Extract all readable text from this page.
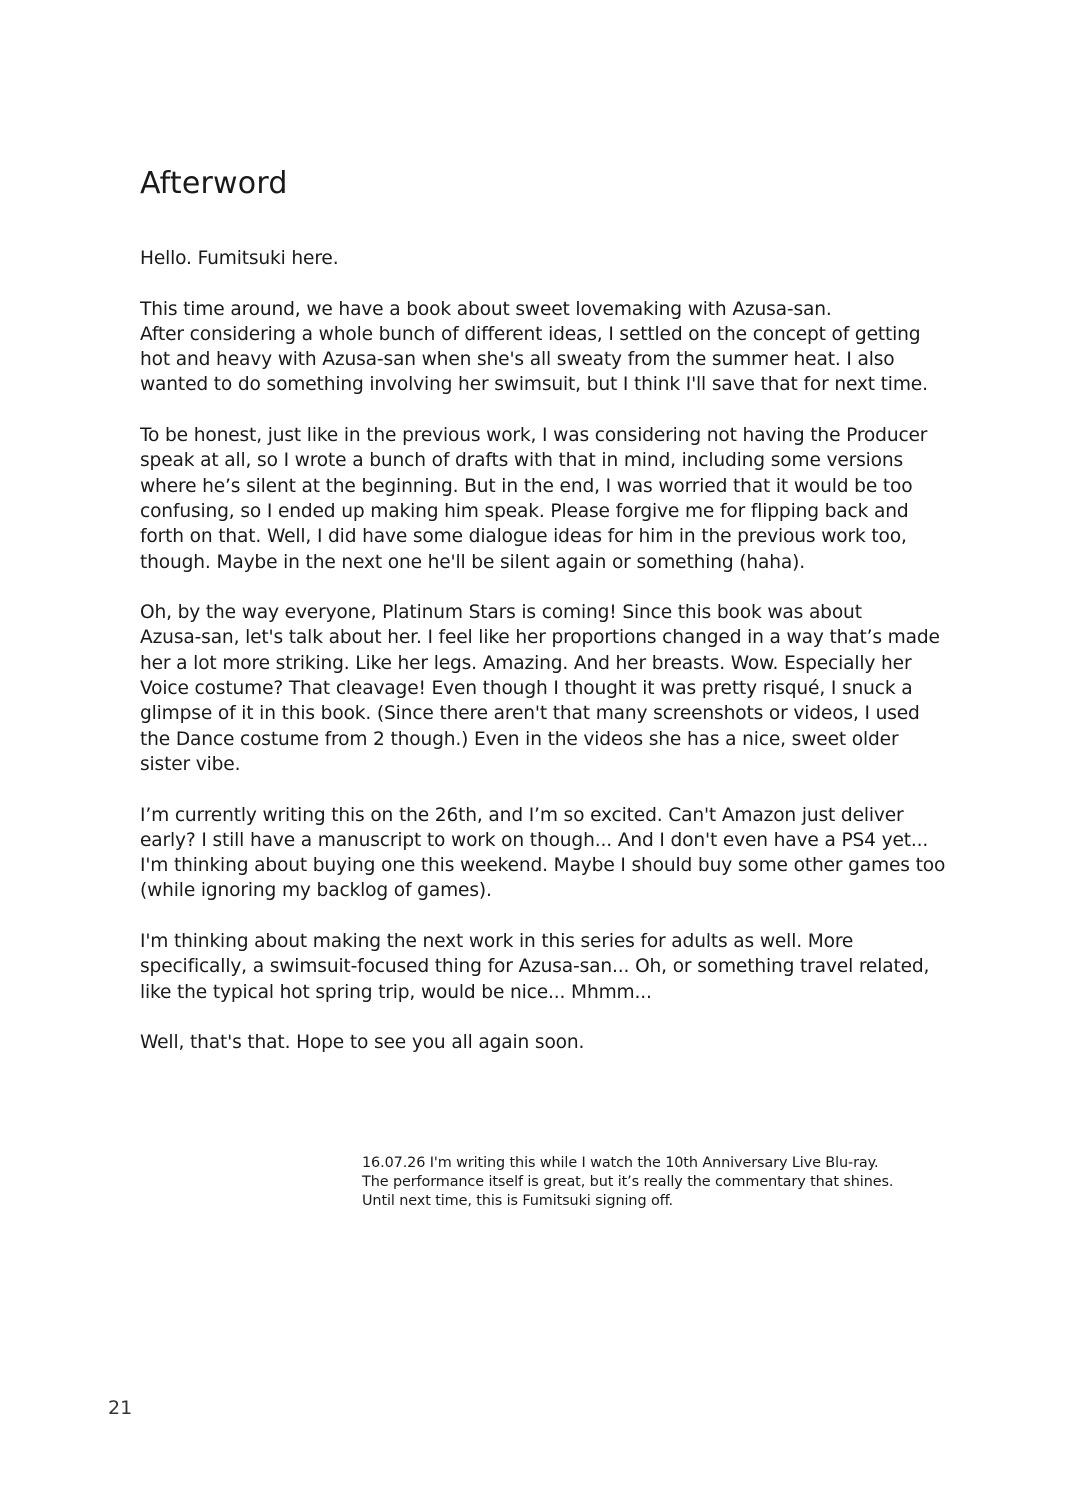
Afterword

Hello. Fumitsuki here.

This time around, we have a book about sweet lovemaking with Azusa-san.
After considering a whole bunch of different ideas, I settled on the concept of getting
hot and heavy with Azusa-san when she's all sweaty from the summer heat. I also
wanted to do something involving her swimsuit, but I think I'll save that for next time.

To be honest, just like in the previous work, I was considering not having the Producer
speak at all, so I wrote a bunch of drafts with that in mind, including some versions
where he’s silent at the beginning. But in the end, I was worried that it would be too
confusing, so I ended up making him speak. Please forgive me for flipping back and
forth on that. Well, I did have some dialogue ideas for him in the previous work too,
though. Maybe in the next one he'll be silent again or something (haha).

Oh, by the way everyone, Platinum Stars is coming! Since this book was about
Azusa-san, let's talk about her. I feel like her proportions changed in a way that’s made
her a lot more striking. Like her legs. Amazing. And her breasts. Wow. Especially her
Voice costume? That cleavage! Even though I thought it was pretty risqué, I snuck a
glimpse of it in this book. (Since there aren't that many screenshots or videos, I used
the Dance costume from 2 though.) Even in the videos she has a nice, sweet older
sister vibe.

I’m currently writing this on the 26th, and I’m so excited. Can't Amazon just deliver
early? I still have a manuscript to work on though... And I don't even have a PS4 yet...
I'm thinking about buying one this weekend. Maybe I should buy some other games too
(while ignoring my backlog of games).

I'm thinking about making the next work in this series for adults as well. More
specifically, a swimsuit-focused thing for Azusa-san... Oh, or something travel related,
like the typical hot spring trip, would be nice... Mhmm...

Well, that's that. Hope to see you all again soon.

16.07.26 I'm writing this while I watch the 10th Anniversary Live Blu-ray.
The performance itself is great, but it’s really the commentary that shines.
Until next time, this is Fumitsuki signing off.
21
